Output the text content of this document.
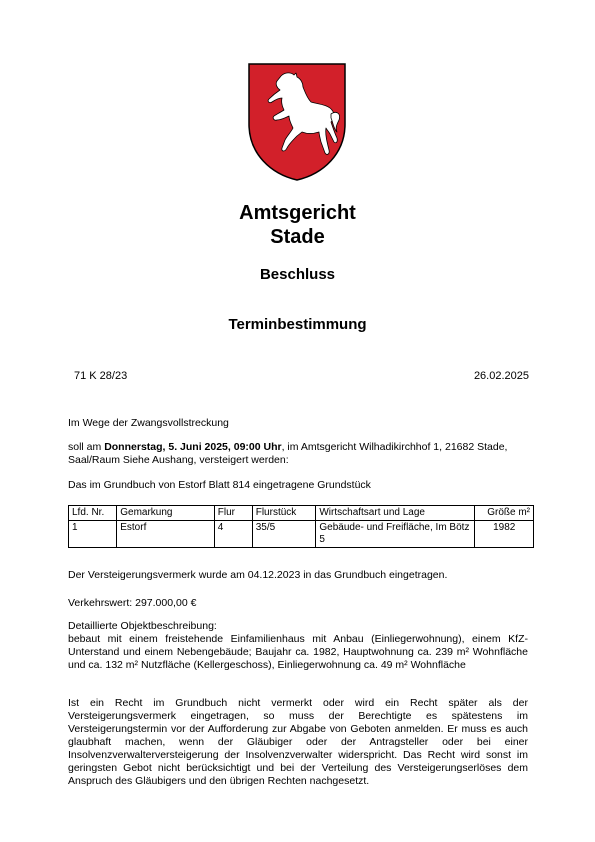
Amtsgericht
Stade
Beschluss
Terminbestimmung
71 K 28/23	26.02.2025
Im Wege der Zwangsvollstreckung
soll am Donnerstag, 5. Juni 2025, 09:00 Uhr, im Amtsgericht Wilhadikirchhof 1, 21682 Stade, Saal/Raum Siehe Aushang, versteigert werden:
Das im Grundbuch von Estorf Blatt 814 eingetragene Grundstück
Lfd. Nr.	Gemarkung	Flur	Flurstück	Wirtschaftsart und Lage	Größe m²
1	Estorf	4	35/5	Gebäude- und Freifläche, Im Bötz 5	1982
Der Versteigerungsvermerk wurde am 04.12.2023 in das Grundbuch eingetragen.
Verkehrswert: 297.000,00 €
Detaillierte Objektbeschreibung:
bebaut mit einem freistehende Einfamilienhaus mit Anbau (Einliegerwohnung), einem KfZ-Unterstand und einem Nebengebäude; Baujahr ca. 1982, Hauptwohnung ca. 239 m² Wohnfläche und ca. 132 m² Nutzfläche (Kellergeschoss), Einliegerwohnung ca. 49 m² Wohnfläche
Ist ein Recht im Grundbuch nicht vermerkt oder wird ein Recht später als der Versteigerungsvermerk eingetragen, so muss der Berechtigte es spätestens im Versteigerungstermin vor der Aufforderung zur Abgabe von Geboten anmelden. Er muss es auch glaubhaft machen, wenn der Gläubiger oder der Antragsteller oder bei einer Insolvenzverwalterversteigerung der Insolvenzverwalter widerspricht. Das Recht wird sonst im geringsten Gebot nicht berücksichtigt und bei der Verteilung des Versteigerungserlöses dem Anspruch des Gläubigers und den übrigen Rechten nachgesetzt.
